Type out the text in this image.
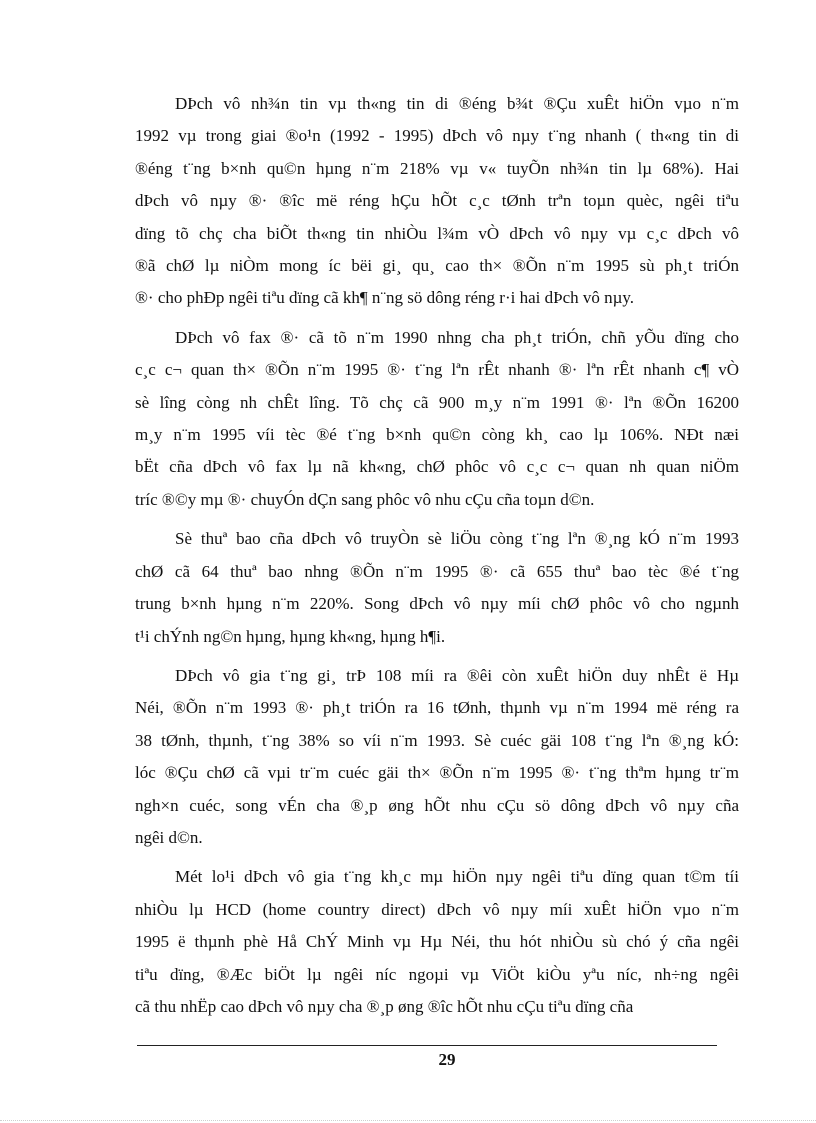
DÞch vô nh¾n tin vµ th«ng tin di ®éng b¾t ®Çu xuÊt hiÖn vµo n¨m
1992 vµ trong giai ®o¹n (1992 - 1995) dÞch vô nµy t¨ng nhanh ( th«ng tin di
®éng t¨ng b×nh qu©n hµng n¨m 218% vµ v« tuyÕn nh¾n tin lµ 68%). Hai
dÞch vô nµy ®· ®îc më réng hÇu hÕt c¸c tØnh trªn toµn quèc, ngêi tiªu
dïng tõ chç cha biÕt th«ng tin nhiÒu l¾m vÒ dÞch vô nµy vµ c¸c dÞch vô
®ã chØ lµ niÒm mong íc bëi gi¸ qu¸ cao th× ®Õn n¨m 1995 sù ph¸t triÓn
®· cho phÐp ngêi tiªu dïng cã kh¶ n¨ng sö dông réng r·i hai dÞch vô nµy.
DÞch vô fax ®· cã tõ n¨m 1990 nhng cha ph¸t triÓn, chñ yÕu dïng cho
c¸c c¬ quan th× ®Õn n¨m 1995 ®· t¨ng lªn rÊt nhanh ®· lªn rÊt nhanh c¶ vÒ
sè lîng còng nh chÊt lîng. Tõ chç cã 900 m¸y n¨m 1991 ®· lªn ®Õn 16200
m¸y n¨m 1995 víi tèc ®é t¨ng b×nh qu©n còng kh¸ cao lµ 106%. NÐt næi
bËt cña dÞch vô fax lµ nã kh«ng, chØ phôc vô c¸c c¬ quan nh quan niÖm
tríc ®©y mµ ®· chuyÓn dÇn sang phôc vô nhu cÇu cña toµn d©n.
Sè thuª bao cña dÞch vô truyÒn sè liÖu còng t¨ng lªn ®¸ng kÓ n¨m 1993
chØ cã 64 thuª bao nhng ®Õn n¨m 1995 ®· cã 655 thuª bao tèc ®é t¨ng
trung b×nh hµng n¨m 220%. Song dÞch vô nµy míi chØ phôc vô cho ngµnh
t¹i chÝnh ng©n hµng, hµng kh«ng, hµng h¶i.
DÞch vô gia t¨ng gi¸ trÞ 108 míi ra ®êi còn xuÊt hiÖn duy nhÊt ë Hµ
Néi, ®Õn n¨m 1993 ®· ph¸t triÓn ra 16 tØnh, thµnh vµ n¨m 1994 më réng ra
38 tØnh, thµnh, t¨ng 38% so víi n¨m 1993. Sè cuéc gäi 108 t¨ng lªn ®¸ng kÓ:
lóc ®Çu chØ cã vµi tr¨m cuéc gäi th× ®Õn n¨m 1995 ®· t¨ng thªm hµng tr¨m
ngh×n cuéc, song vÉn cha ®¸p øng hÕt nhu cÇu sö dông dÞch vô nµy cña
ngêi d©n.
Mét lo¹i dÞch vô gia t¨ng kh¸c mµ hiÖn nµy ngêi tiªu dïng quan t©m tíi
nhiÒu lµ HCD (home country direct) dÞch vô nµy míi xuÊt hiÖn vµo n¨m
1995 ë thµnh phè Hå ChÝ Minh vµ Hµ Néi, thu hót nhiÒu sù chó ý cña ngêi
tiªu dïng, ®Æc biÖt lµ ngêi níc ngoµi vµ ViÖt kiÒu yªu níc, nh÷ng ngêi
cã thu nhËp cao dÞch vô nµy cha ®¸p øng ®îc hÕt nhu cÇu tiªu dïng cña
29
